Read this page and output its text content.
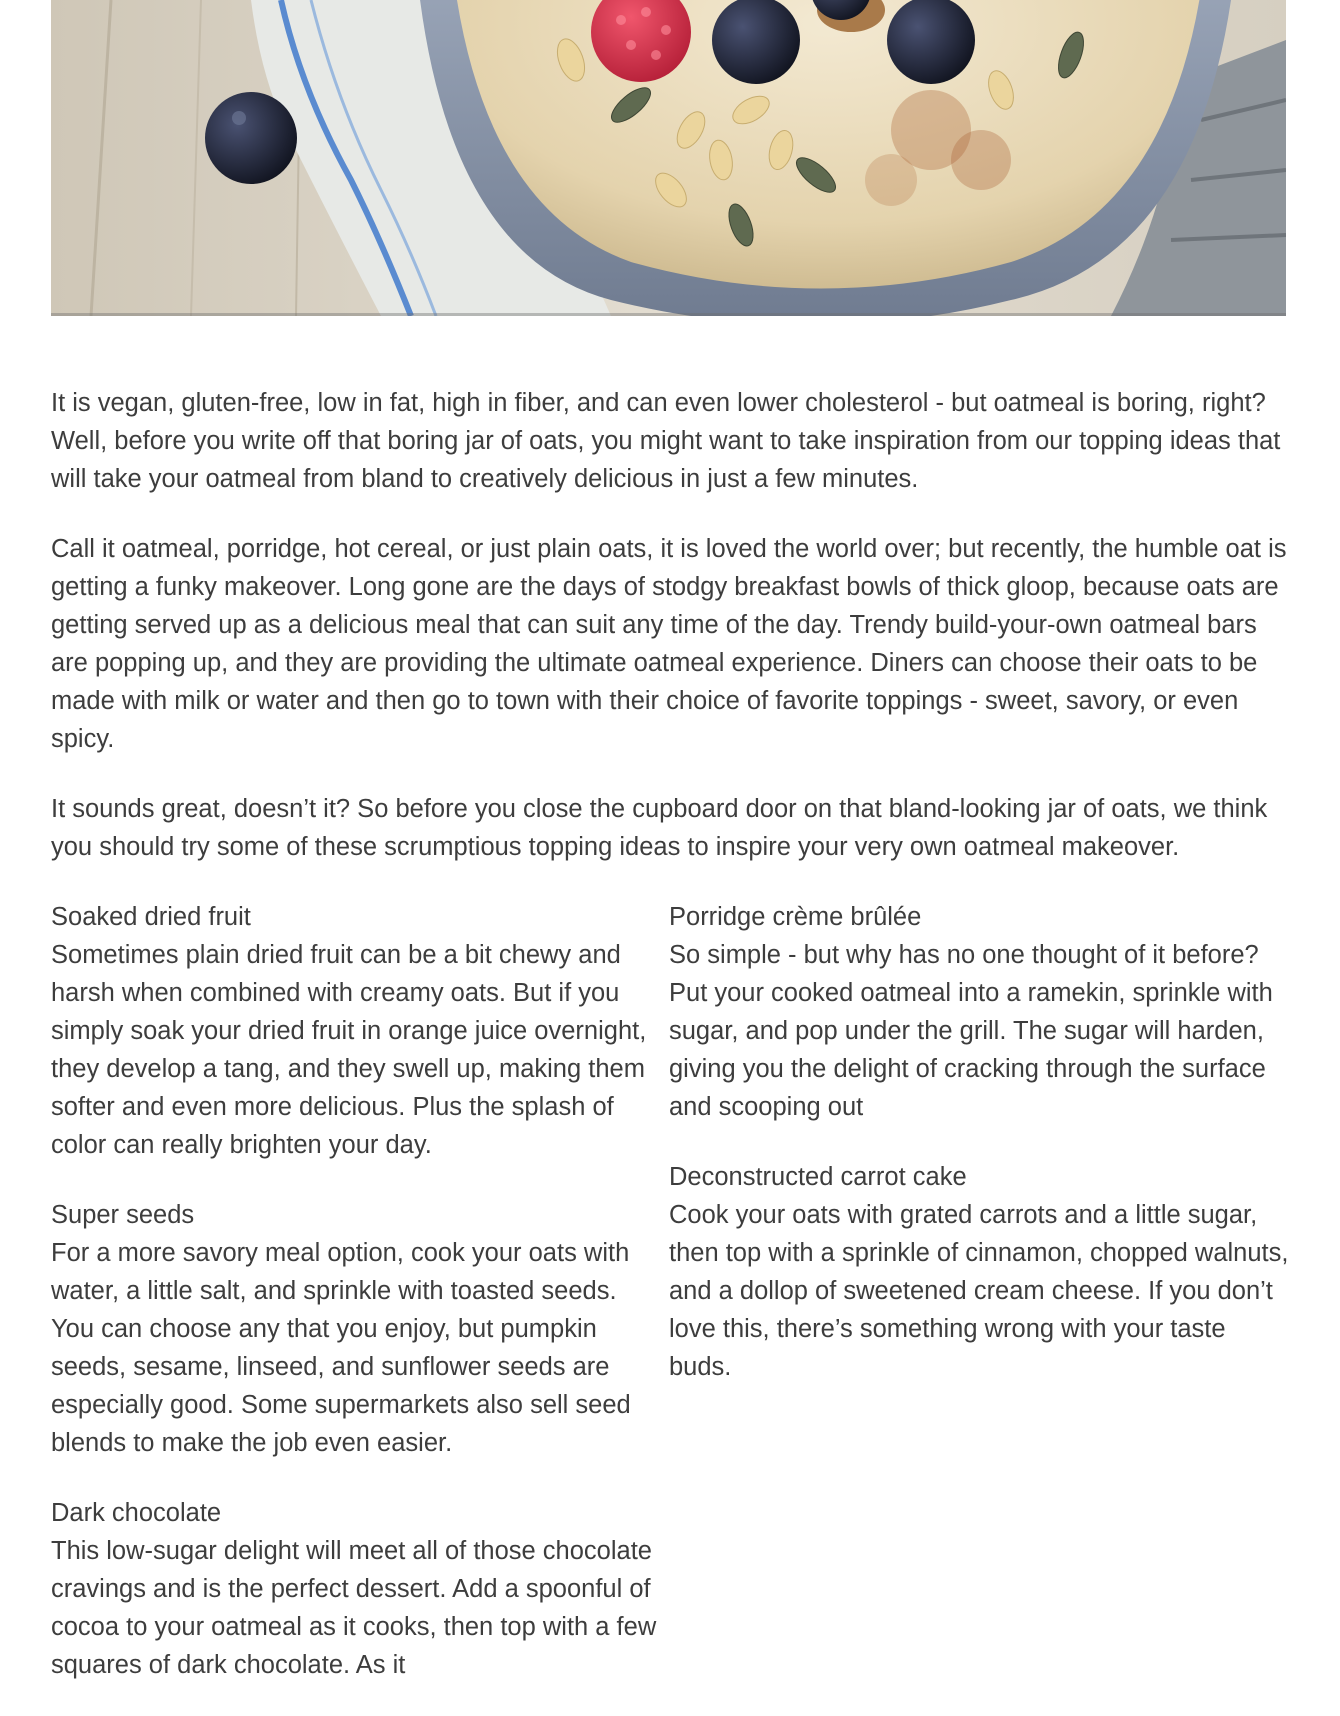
It is vegan, gluten-free, low in fat, high in fiber, and can even lower cholesterol - but oatmeal is boring, right? Well, before you write off that boring jar of oats, you might want to take inspiration from our topping ideas that will take your oatmeal from bland to creatively delicious in just a few minutes.

Call it oatmeal, porridge, hot cereal, or just plain oats, it is loved the world over; but recently, the humble oat is getting a funky makeover. Long gone are the days of stodgy breakfast bowls of thick gloop, because oats are getting served up as a delicious meal that can suit any time of the day. Trendy build-your-own oatmeal bars are popping up, and they are providing the ultimate oatmeal experience. Diners can choose their oats to be made with milk or water and then go to town with their choice of favorite toppings - sweet, savory, or even spicy.

It sounds great, doesn’t it? So before you close the cupboard door on that bland-looking jar of oats, we think you should try some of these scrumptious topping ideas to inspire your very own oatmeal makeover.

Soaked dried fruit
Sometimes plain dried fruit can be a bit chewy and harsh when combined with creamy oats. But if you simply soak your dried fruit in orange juice overnight, they develop a tang, and they swell up, making them softer and even more delicious. Plus the splash of color can really brighten your day.
Super seeds
For a more savory meal option, cook your oats with water, a little salt, and sprinkle with toasted seeds. You can choose any that you enjoy, but pumpkin seeds, sesame, linseed, and sunflower seeds are especially good. Some supermarkets also sell seed blends to make the job even easier.
Dark chocolate
This low-sugar delight will meet all of those chocolate cravings and is the perfect dessert. Add a spoonful of cocoa to your oatmeal as it cooks, then top with a few squares of dark chocolate. As it
Porridge crème brûlée
So simple - but why has no one thought of it before? Put your cooked oatmeal into a ramekin, sprinkle with sugar, and pop under the grill. The sugar will harden, giving you the delight of cracking through the surface and scooping out
Deconstructed carrot cake
Cook your oats with grated carrots and a little sugar, then top with a sprinkle of cinnamon, chopped walnuts, and a dollop of sweetened cream cheese. If you don’t love this, there’s something wrong with your taste buds.
